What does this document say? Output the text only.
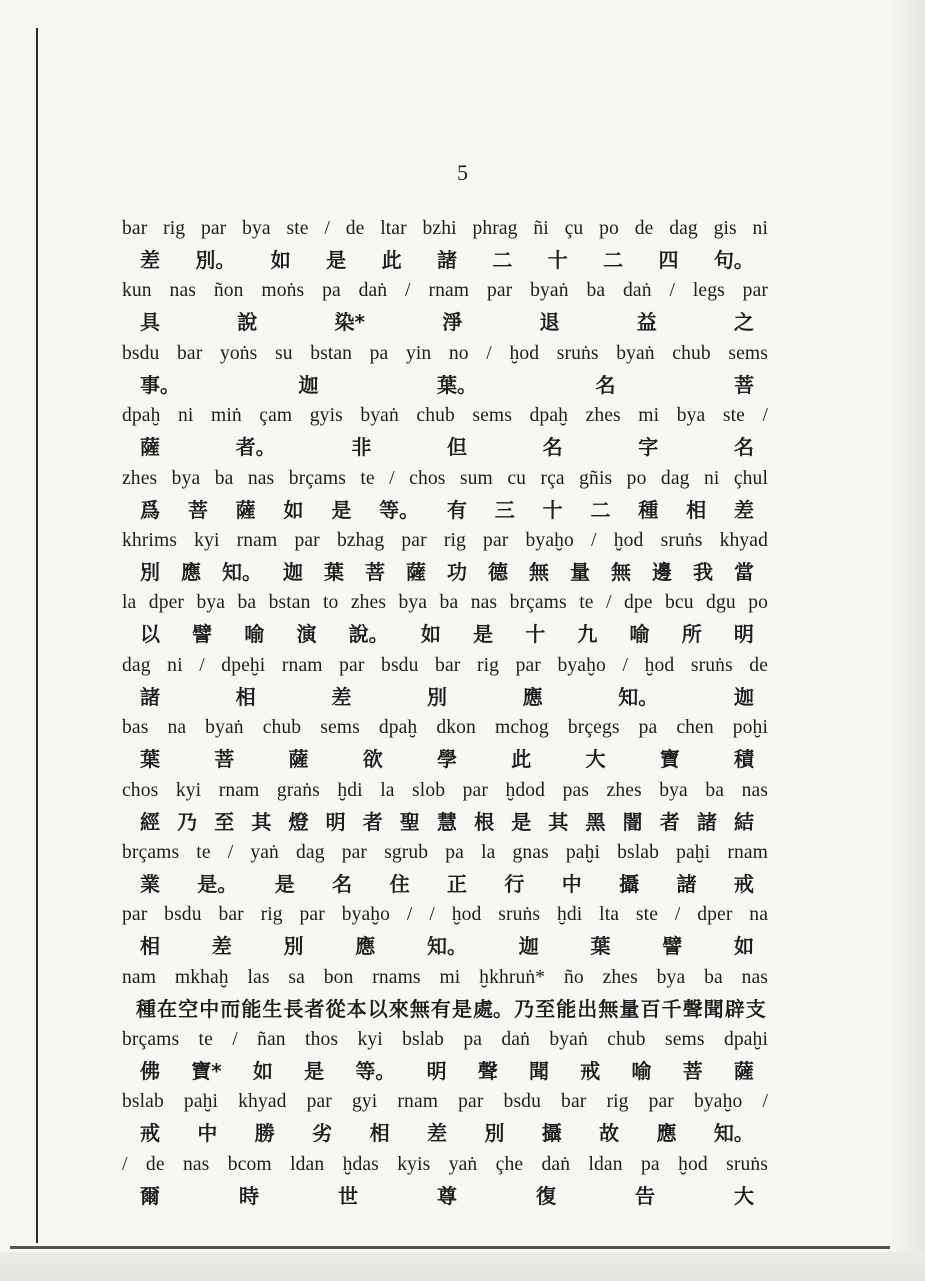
5
bar rig par bya ste / de ltar bzhi phrag ñi çu po de dag gis ni
差 別。 如 是 此 諸 二 十 二 四 句。
kun nas ñon moṅs pa daṅ / rnam par byaṅ ba daṅ / legs par
具	說	染*	淨	退	益	之
bsdu bar yoṅs su bstan pa yin no / ḫod sruṅs byaṅ chub sems
事。	迦	葉。	名	菩
dpaḫ ni miṅ çam gyis byaṅ chub sems dpaḫ zhes mi bya ste /
薩	者。	非	但	名	字	名
zhes bya ba nas brçams te / chos sum cu rça gñis po dag ni çhul
爲 菩 薩 如 是 等。 有 三 十 二 種 相 差
khrims kyi rnam par bzhag par rig par byaḫo / ḫod sruṅs khyad
別 應 知。 迦 葉 菩 薩 功 德 無 量 無 邊 我 當
la dper bya ba bstan to zhes bya ba nas brçams te / dpe bcu dgu po
以 譬 喻 演 說。 如 是 十 九 喻 所 明
dag ni / dpeḫi rnam par bsdu bar rig par byaḫo / ḫod sruṅs de
諸	相	差	別	應	知。	迦
bas na byaṅ chub sems dpaḫ dkon mchog brçegs pa chen poḫi
葉	菩	薩	欲	學	此	大	寶	積
chos kyi rnam graṅs ḫdi la slob par ḫdod pas zhes bya ba nas
經 乃 至 其 燈 明 者 聖 慧 根 是 其 黑 闇 者 諸 結
brçams te / yaṅ dag par sgrub pa la gnas paḫi bslab paḫi rnam
業 是。 是 名 住 正 行 中 攝 諸 戒
par bsdu bar rig par byaḫo / / ḫod sruṅs ḫdi lta ste / dper na
相	差	別	應	知。	迦	葉	譬	如
nam mkhaḫ las sa bon rnams mi ḫkhruṅ* ño zhes bya ba nas
種 在 空 中 而 能 生 長 者 從 本 以 來 無 有 是 處。 乃 至 能 出 無 量 百 千 聲 聞 辟 支
brçams te / ñan thos kyi bslab pa daṅ byaṅ chub sems dpaḫi
佛 寶* 如 是 等。 明 聲 聞 戒 喻 菩 薩
bslab paḫi khyad par gyi rnam par bsdu bar rig par byaḫo /
戒 中 勝 劣 相 差 別 攝 故 應 知。
/ de nas bcom ldan ḫdas kyis yaṅ çhe daṅ ldan pa ḫod sruṅs
爾	時	世	尊	復	告	大
